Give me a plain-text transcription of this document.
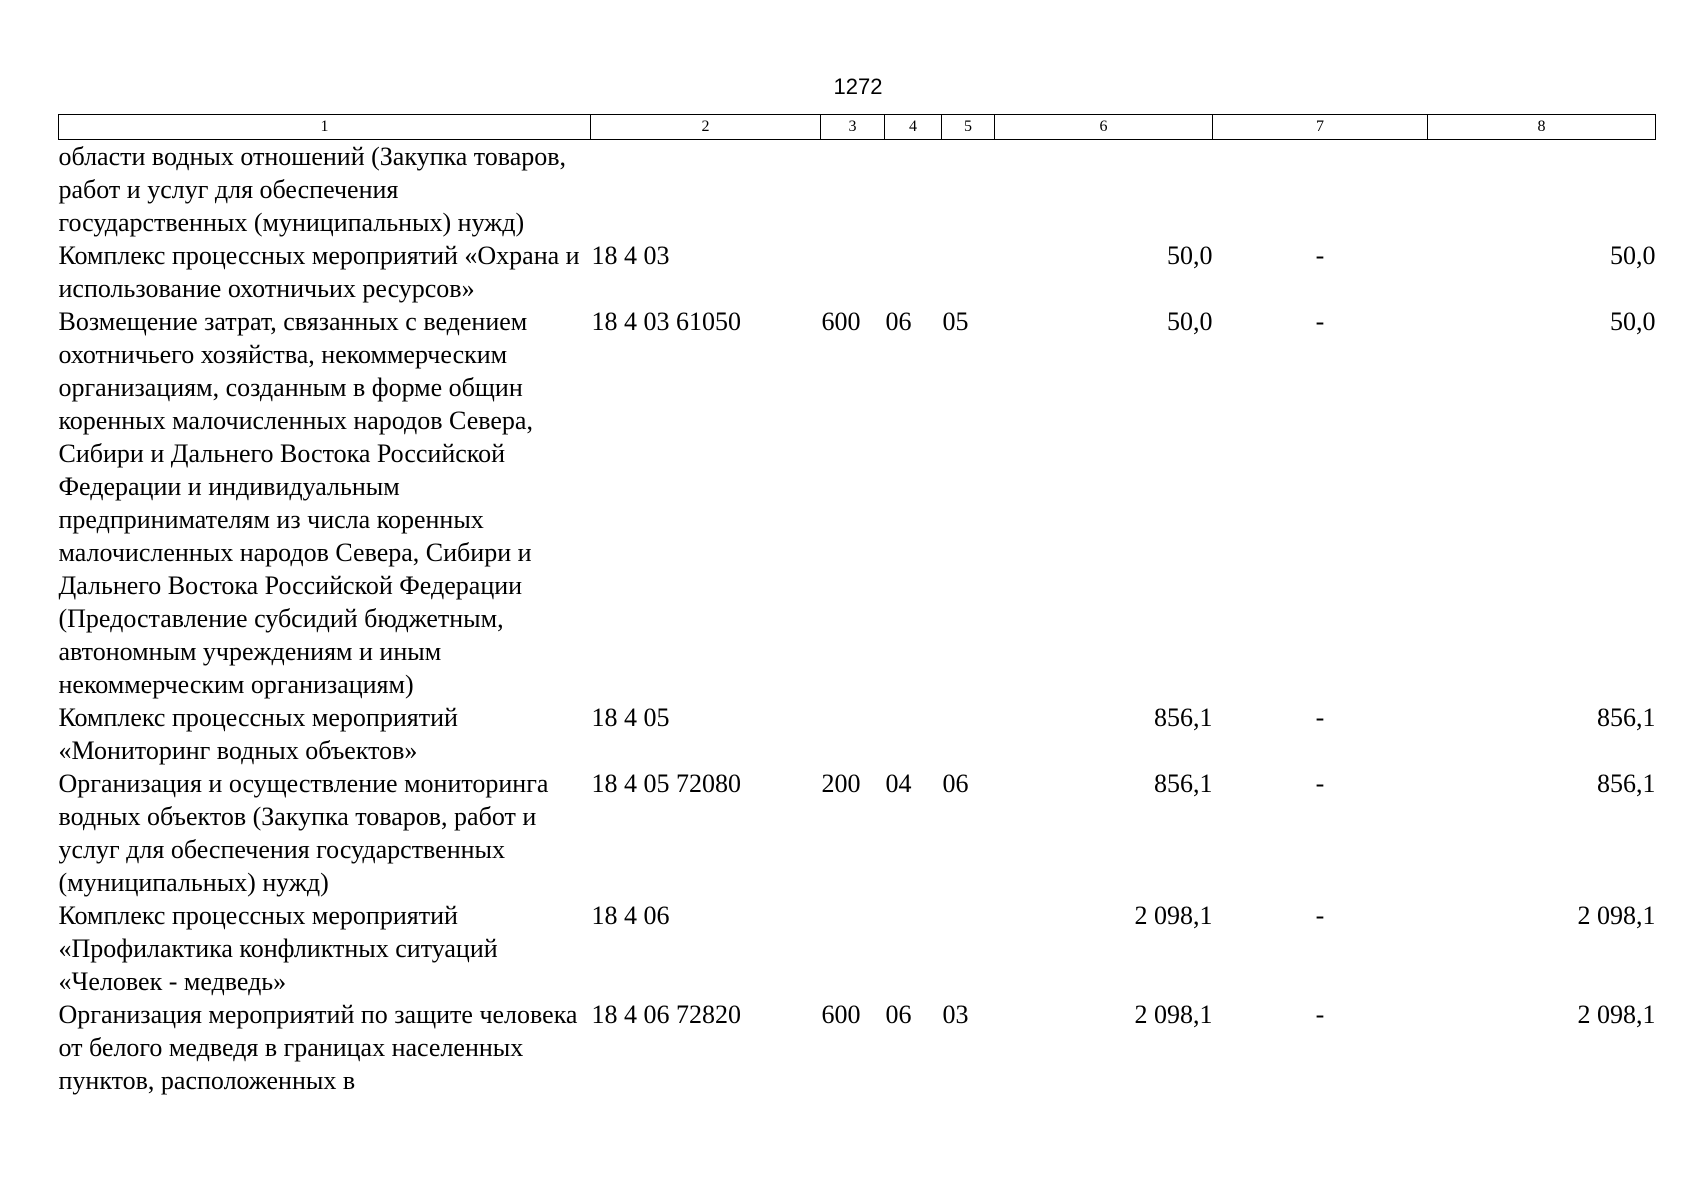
1272
1	2	3	4	5	6	7	8
области водных отношений (Закупка товаров, работ и услуг для обеспечения государственных (муниципальных) нужд)							
Комплекс процессных мероприятий «Охрана и использование охотничьих ресурсов»	18 4 03				50,0	-	50,0
Возмещение затрат, связанных с ведением охотничьего хозяйства, некоммерческим организациям, созданным в форме общин коренных малочисленных народов Севера, Сибири и Дальнего Востока Российской Федерации и индивидуальным предпринимателям из числа коренных малочисленных народов Севера, Сибири и Дальнего Востока Российской Федерации (Предоставление субсидий бюджетным, автономным учреждениям и иным некоммерческим организациям)	18 4 03 61050	600	06	05	50,0	-	50,0
Комплекс процессных мероприятий «Мониторинг водных объектов»	18 4 05				856,1	-	856,1
Организация и осуществление мониторинга водных объектов (Закупка товаров, работ и услуг для обеспечения государственных (муниципальных) нужд)	18 4 05 72080	200	04	06	856,1	-	856,1
Комплекс процессных мероприятий «Профилактика конфликтных ситуаций «Человек - медведь»	18 4 06				2 098,1	-	2 098,1
Организация мероприятий по защите человека от белого медведя в границах населенных пунктов, расположенных в	18 4 06 72820	600	06	03	2 098,1	-	2 098,1
